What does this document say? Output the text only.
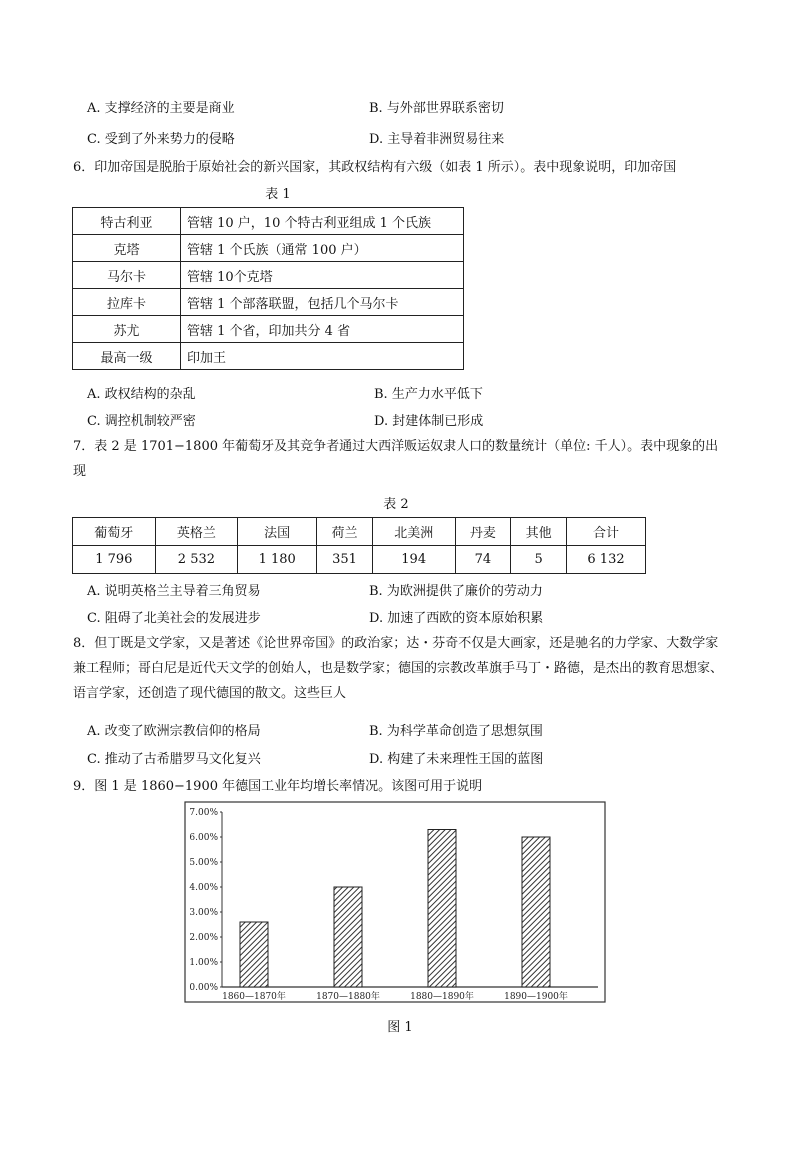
A. 支撑经济的主要是商业	B. 与外部世界联系密切
C. 受到了外来势力的侵略	D. 主导着非洲贸易往来
6．印加帝国是脱胎于原始社会的新兴国家，其政权结构有六级（如表 1 所示）。表中现象说明，印加帝国
表 1
特古利亚	管辖 10 户，10 个特古利亚组成 1 个氏族
克塔	管辖 1 个氏族（通常 100 户）
马尔卡	管辖 10个克塔
拉库卡	管辖 1 个部落联盟，包括几个马尔卡
苏尤	管辖 1 个省，印加共分 4 省
最高一级	印加王
A. 政权结构的杂乱	B. 生产力水平低下
C. 调控机制较严密	D. 封建体制已形成
7．表 2 是 1701−1800 年葡萄牙及其竞争者通过大西洋贩运奴隶人口的数量统计（单位: 千人）。表中现象的出现
表 2
葡萄牙	英格兰	法国	荷兰	北美洲	丹麦	其他	合计
1 796	2 532	1 180	351	194	74	5	6 132
A. 说明英格兰主导着三角贸易	B. 为欧洲提供了廉价的劳动力
C. 阻碍了北美社会的发展进步	D. 加速了西欧的资本原始积累
8．但丁既是文学家，又是著述《论世界帝国》的政治家；达・芬奇不仅是大画家，还是驰名的力学家、大数学家兼工程师；哥白尼是近代天文学的创始人，也是数学家；德国的宗教改革旗手马丁・路德，是杰出的教育思想家、语言学家，还创造了现代德国的散文。这些巨人
A. 改变了欧洲宗教信仰的格局	B. 为科学革命创造了思想氛围
C. 推动了古希腊罗马文化复兴	D. 构建了未来理性王国的蓝图
9．图 1 是 1860−1900 年德国工业年均增长率情况。该图可用于说明
0.00%
1.00%
2.00%
3.00%
4.00%
5.00%
6.00%
7.00%
1860—1870年	1870—1880年	1880—1890年	1890—1900年
图 1
